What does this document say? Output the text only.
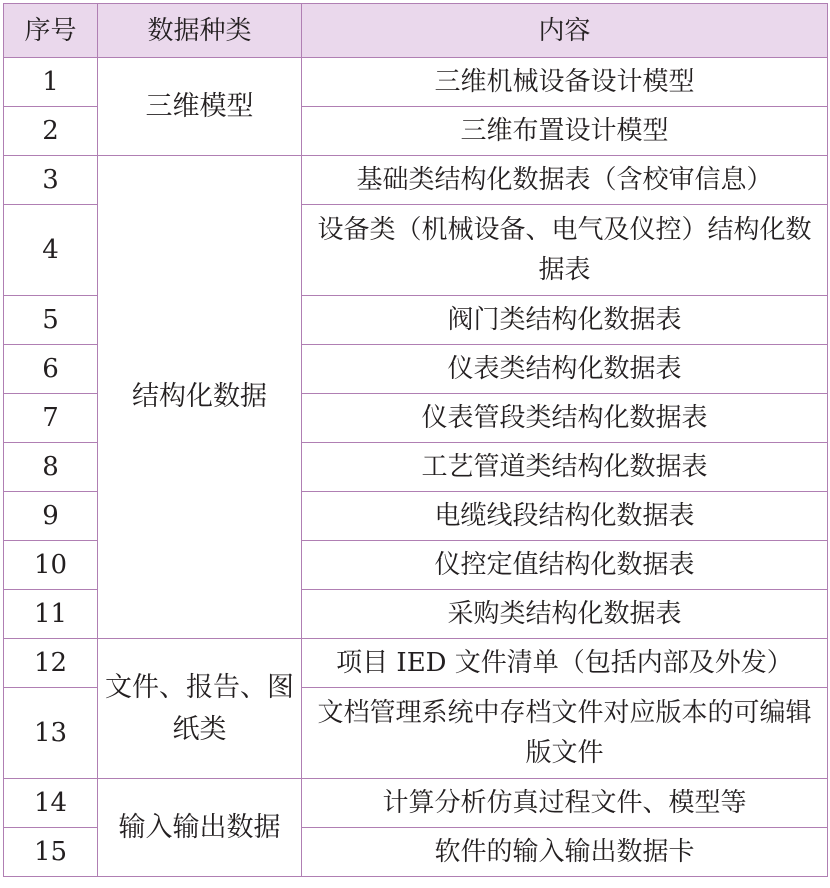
序号	数据种类	内容
1	三维模型	三维机械设备设计模型
2		三维布置设计模型
3	结构化数据	基础类结构化数据表（含校审信息）
4		设备类（机械设备、电气及仪控）结构化数据表
5		阀门类结构化数据表
6		仪表类结构化数据表
7		仪表管段类结构化数据表
8		工艺管道类结构化数据表
9		电缆线段结构化数据表
10		仪控定值结构化数据表
11		采购类结构化数据表
12	文件、报告、图纸类	项目 IED 文件清单（包括内部及外发）
13		文档管理系统中存档文件对应版本的可编辑版文件
14	输入输出数据	计算分析仿真过程文件、模型等
15		软件的输入输出数据卡
